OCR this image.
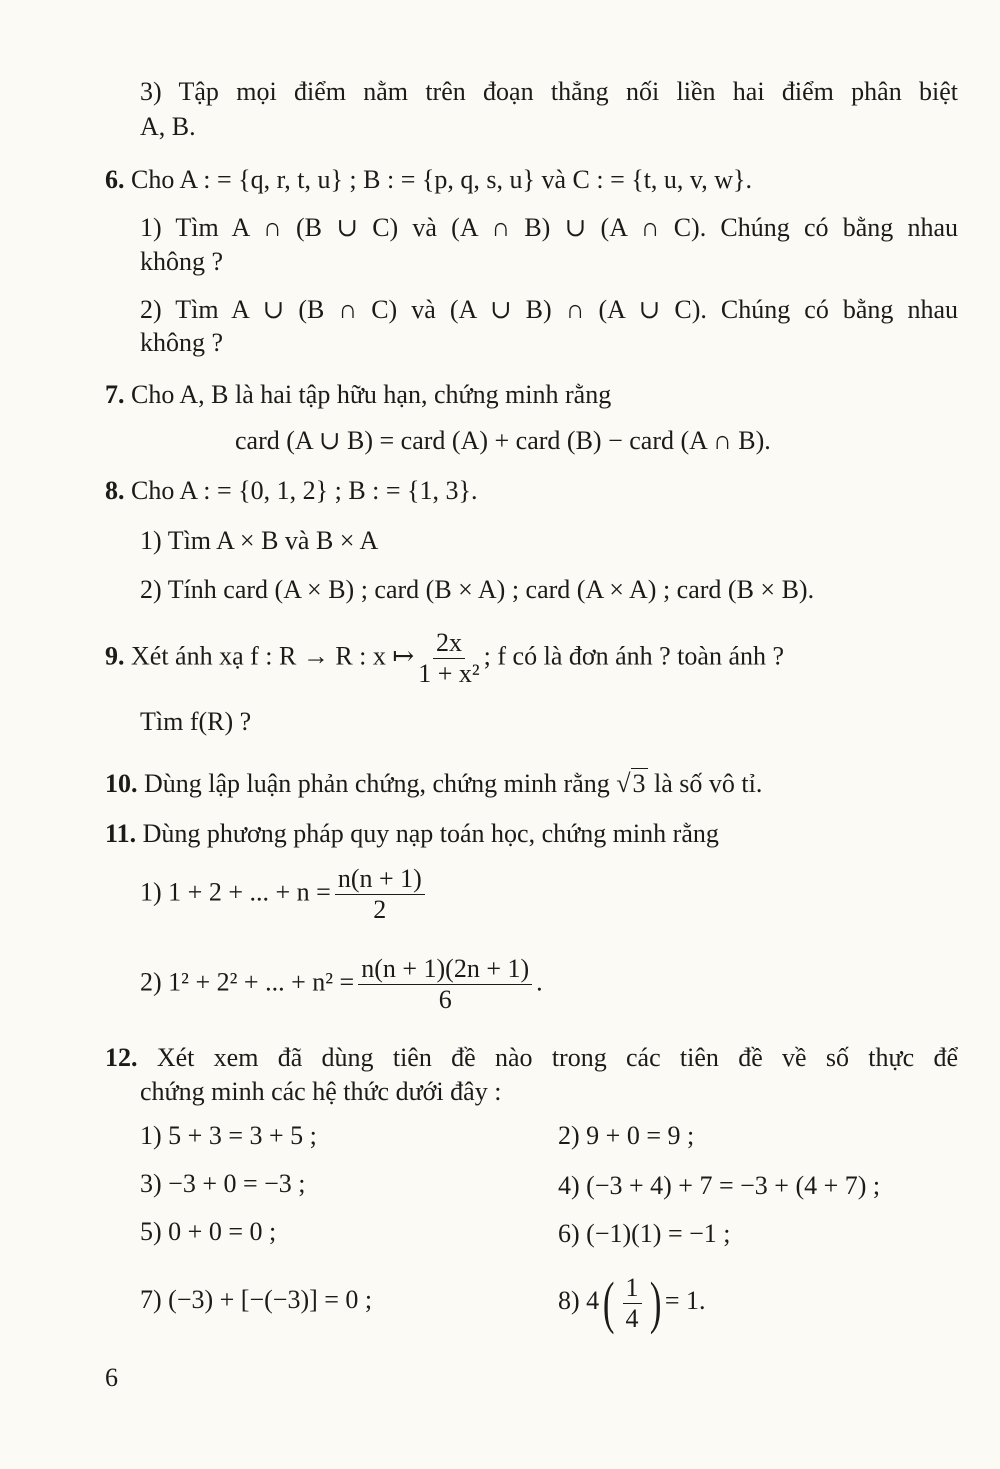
3) Tập mọi điểm nằm trên đoạn thẳng nối liền hai điểm phân biệt
A, B.
6. Cho A : = {q, r, t, u} ; B : = {p, q, s, u} và C : = {t, u, v, w}.
1) Tìm A ∩ (B ∪ C) và (A ∩ B) ∪ (A ∩ C). Chúng có bằng nhau
không ?
2) Tìm A ∪ (B ∩ C) và (A ∪ B) ∩ (A ∪ C). Chúng có bằng nhau
không ?
7. Cho A, B là hai tập hữu hạn, chứng minh rằng
card (A ∪ B) = card (A) + card (B) − card (A ∩ B).
8. Cho A : = {0, 1, 2} ; B : = {1, 3}.
1) Tìm A × B và B × A
2) Tính card (A × B) ; card (B × A) ; card (A × A) ; card (B × B).
9. Xét ánh xạ f : R → R : x ↦ $\frac{2x}{\text{1 + x²}}$ ; f có là đơn ánh ? toàn ánh ?
Tìm f(R) ?
10. Dùng lập luận phản chứng, chứng minh rằng √3 là số vô tỉ.
11. Dùng phương pháp quy nạp toán học, chứng minh rằng
1) 1 + 2 + ... + $n = \frac{n(n + 1)}{2}$
2) 1² + 2² + ... + $n^2 = \frac{n(n + 1)(2n + 1)}{6}$ .
12. Xét xem đã dùng tiên đề nào trong các tiên đề về số thực để
chứng minh các hệ thức dưới đây :
1) 5 + 3 = 3 + 5 ;	2) 9 + 0 = 9 ;
3) −3 + 0 = −3 ;	4) (−3 + 4) + 7 = −3 + (4 + 7) ;
5) 0 + 0 = 0 ;	6) (−1)(1) = −1 ;
7) (−3) + [−(−3)] = 0 ;	8) $4( \frac{1}{4}$ ) = 1.
6
